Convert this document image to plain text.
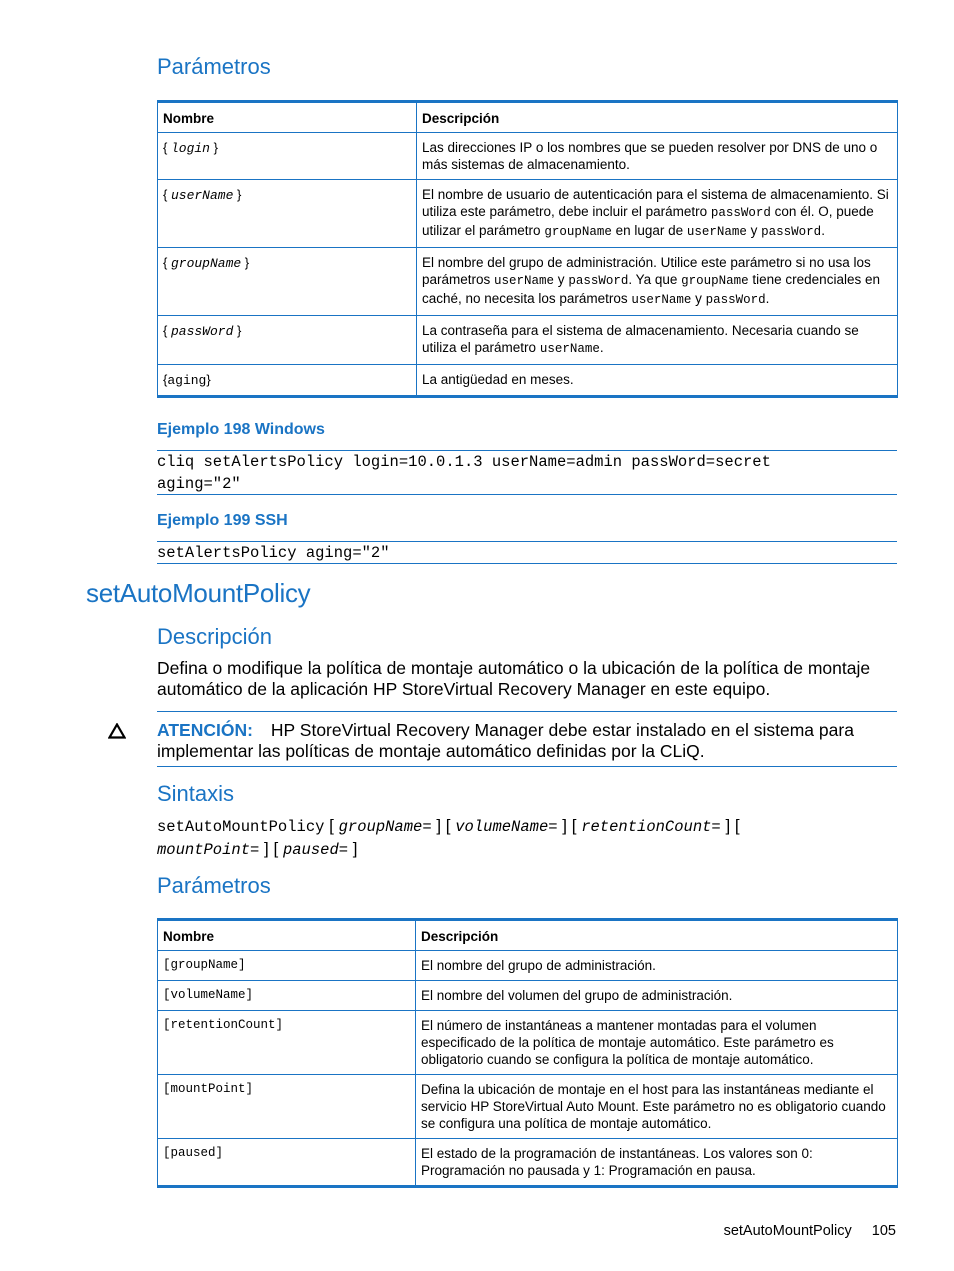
Parámetros
Nombre	Descripción
{ login }	Las direcciones IP o los nombres que se pueden resolver por DNS de uno o más sistemas de almacenamiento.
{ userName }	El nombre de usuario de autenticación para el sistema de almacenamiento. Si utiliza este parámetro, debe incluir el parámetro passWord con él. O, puede utilizar el parámetro groupName en lugar de userName y passWord.
{ groupName }	El nombre del grupo de administración. Utilice este parámetro si no usa los parámetros userName y passWord. Ya que groupName tiene credenciales en caché, no necesita los parámetros userName y passWord.
{ passWord }	La contraseña para el sistema de almacenamiento. Necesaria cuando se utiliza el parámetro userName.
{aging}	La antigüedad en meses.
Ejemplo 198 Windows
cliq setAlertsPolicy login=10.0.1.3 userName=admin passWord=secret
aging="2"
Ejemplo 199 SSH
setAlertsPolicy aging="2"
setAutoMountPolicy
Descripción
Defina o modifique la política de montaje automático o la ubicación de la política de montaje
automático de la aplicación HP StoreVirtual Recovery Manager en este equipo.
ATENCIÓN: HP StoreVirtual Recovery Manager debe estar instalado en el sistema para
implementar las políticas de montaje automático definidas por la CLiQ.
Sintaxis
setAutoMountPolicy [ groupName= ] [ volumeName= ] [ retentionCount= ] [
mountPoint= ] [ paused= ]
Parámetros
Nombre	Descripción
[groupName]	El nombre del grupo de administración.
[volumeName]	El nombre del volumen del grupo de administración.
[retentionCount]	El número de instantáneas a mantener montadas para el volumen especificado de la política de montaje automático. Este parámetro es obligatorio cuando se configura la política de montaje automático.
[mountPoint]	Defina la ubicación de montaje en el host para las instantáneas mediante el servicio HP StoreVirtual Auto Mount. Este parámetro no es obligatorio cuando se configura una política de montaje automático.
[paused]	El estado de la programación de instantáneas. Los valores son 0: Programación no pausada y 1: Programación en pausa.
setAutoMountPolicy 105
